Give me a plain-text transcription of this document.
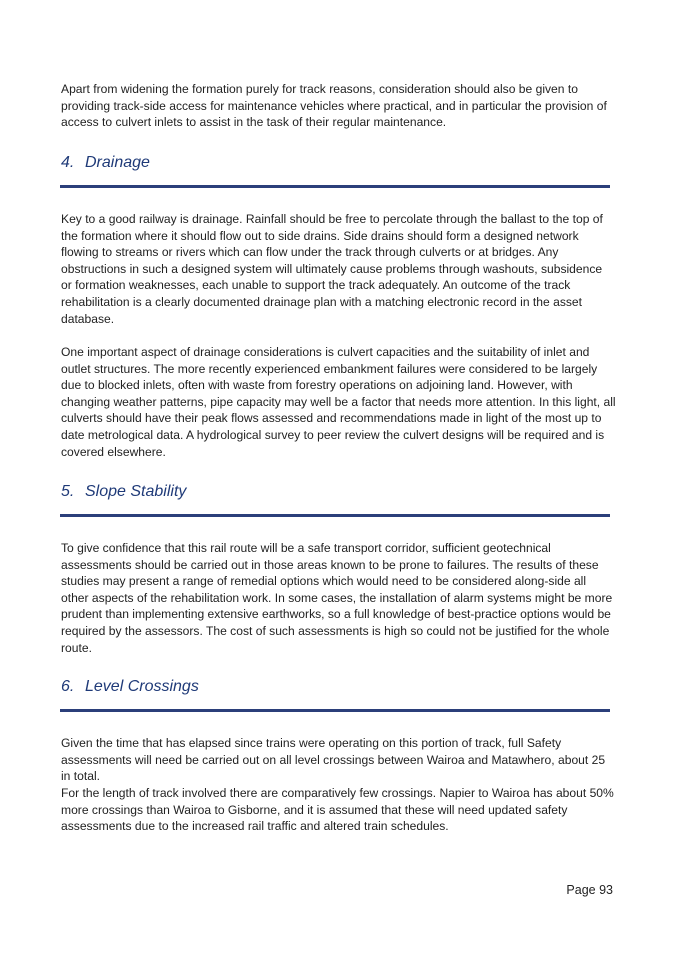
Apart from widening the formation purely for track reasons, consideration should also be given to providing track-side access for maintenance vehicles where practical, and in particular the provision of access to culvert inlets to assist in the task of their regular maintenance.

4. Drainage

Key to a good railway is drainage. Rainfall should be free to percolate through the ballast to the top of the formation where it should flow out to side drains. Side drains should form a designed network flowing to streams or rivers which can flow under the track through culverts or at bridges. Any obstructions in such a designed system will ultimately cause problems through washouts, subsidence or formation weaknesses, each unable to support the track adequately. An outcome of the track rehabilitation is a clearly documented drainage plan with a matching electronic record in the asset database.

One important aspect of drainage considerations is culvert capacities and the suitability of inlet and outlet structures. The more recently experienced embankment failures were considered to be largely due to blocked inlets, often with waste from forestry operations on adjoining land. However, with changing weather patterns, pipe capacity may well be a factor that needs more attention. In this light, all culverts should have their peak flows assessed and recommendations made in light of the most up to date metrological data. A hydrological survey to peer review the culvert designs will be required and is covered elsewhere.

5. Slope Stability

To give confidence that this rail route will be a safe transport corridor, sufficient geotechnical assessments should be carried out in those areas known to be prone to failures. The results of these studies may present a range of remedial options which would need to be considered along-side all other aspects of the rehabilitation work. In some cases, the installation of alarm systems might be more prudent than implementing extensive earthworks, so a full knowledge of best-practice options would be required by the assessors. The cost of such assessments is high so could not be justified for the whole route.

6. Level Crossings

Given the time that has elapsed since trains were operating on this portion of track, full Safety assessments will need be carried out on all level crossings between Wairoa and Matawhero, about 25 in total.

For the length of track involved there are comparatively few crossings. Napier to Wairoa has about 50% more crossings than Wairoa to Gisborne, and it is assumed that these will need updated safety assessments due to the increased rail traffic and altered train schedules.

Page 93
